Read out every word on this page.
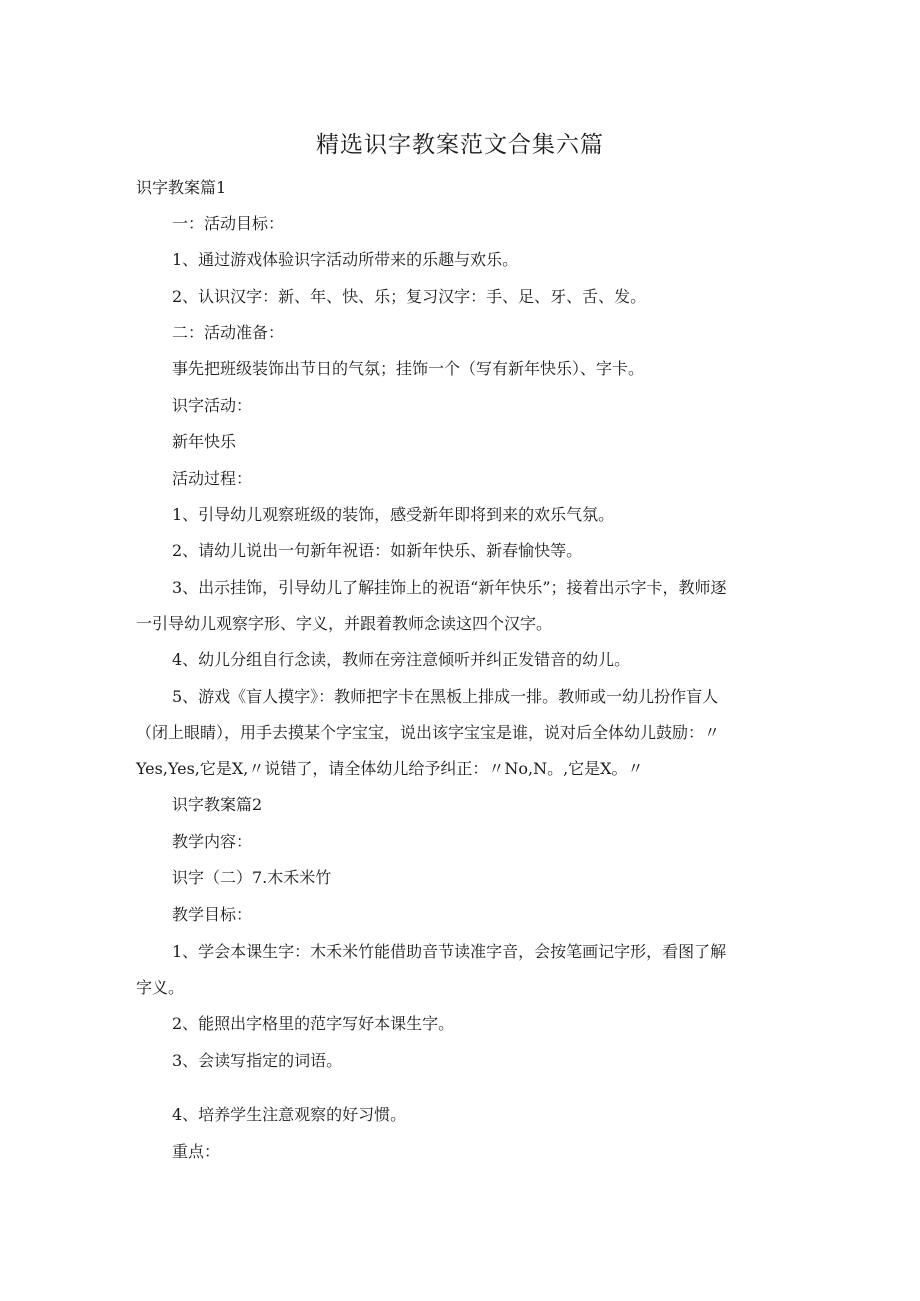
精选识字教案范文合集六篇
识字教案篇1
一：活动目标：
1、通过游戏体验识字活动所带来的乐趣与欢乐。
2、认识汉字：新、年、快、乐；复习汉字：手、足、牙、舌、发。
二：活动准备：
事先把班级装饰出节日的气氛；挂饰一个（写有新年快乐）、字卡。
识字活动：
新年快乐
活动过程：
1、引导幼儿观察班级的装饰，感受新年即将到来的欢乐气氛。
2、请幼儿说出一句新年祝语：如新年快乐、新春愉快等。
3、出示挂饰，引导幼儿了解挂饰上的祝语“新年快乐”；接着出示字卡，教师逐一引导幼儿观察字形、字义，并跟着教师念读这四个汉字。
4、幼儿分组自行念读，教师在旁注意倾听并纠正发错音的幼儿。
5、游戏《盲人摸字》：教师把字卡在黑板上排成一排。教师或一幼儿扮作盲人（闭上眼睛），用手去摸某个字宝宝，说出该字宝宝是谁，说对后全体幼儿鼓励：〃Yes,Yes,它是X,〃说错了，请全体幼儿给予纠正：〃No,N。,它是X。〃
识字教案篇2
教学内容：
识字（二）7.木禾米竹
教学目标：
1、学会本课生字：木禾米竹能借助音节读准字音，会按笔画记字形，看图了解字义。
2、能照出字格里的范字写好本课生字。
3、会读写指定的词语。
4、培养学生注意观察的好习惯。
重点：
